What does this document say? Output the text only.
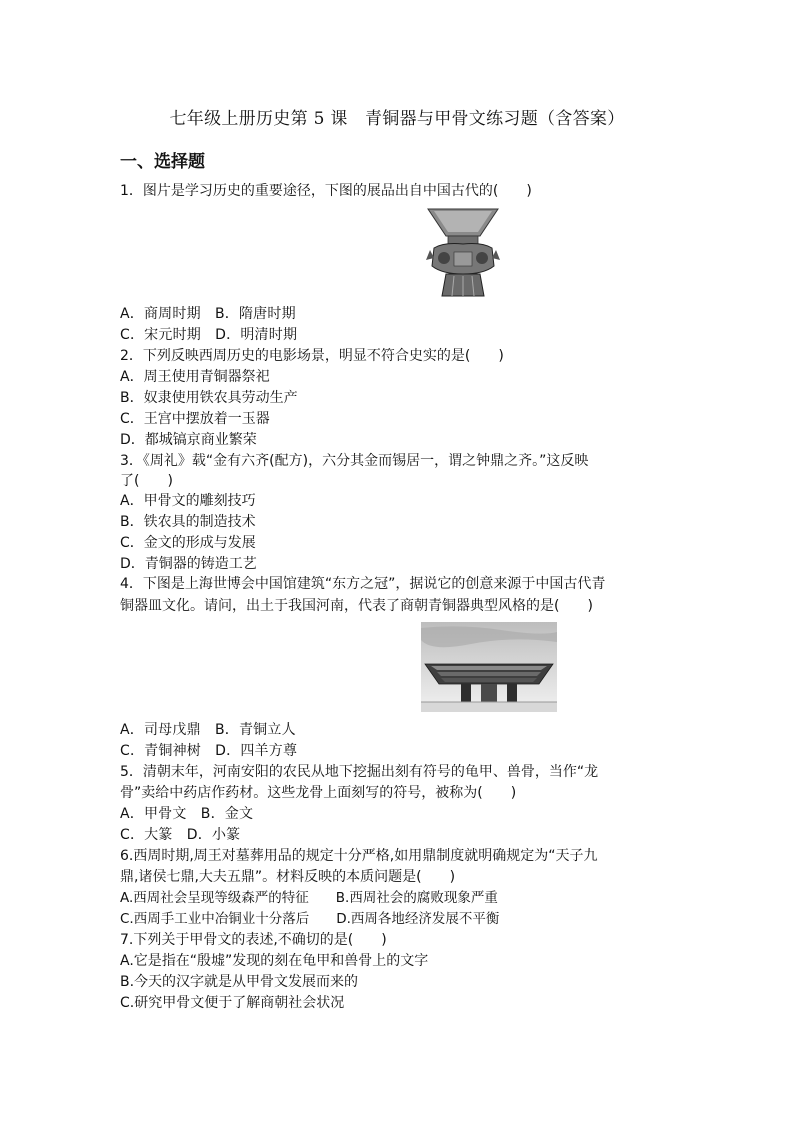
七年级上册历史第 5 课　青铜器与甲骨文练习题（含答案）
一、选择题
1．图片是学习历史的重要途径，下图的展品出自中国古代的(　　)
A．商周时期　B．隋唐时期
C．宋元时期　D．明清时期
2．下列反映西周历史的电影场景，明显不符合史实的是(　　)
A．周王使用青铜器祭祀
B．奴隶使用铁农具劳动生产
C．王宫中摆放着一玉器
D．都城镐京商业繁荣
3．《周礼》载“金有六齐(配方)，六分其金而锡居一，谓之钟鼎之齐。”这反映
了(　　)
A．甲骨文的雕刻技巧
B．铁农具的制造技术
C．金文的形成与发展
D．青铜器的铸造工艺
4．下图是上海世博会中国馆建筑“东方之冠”，据说它的创意来源于中国古代青
铜器皿文化。请问，出土于我国河南，代表了商朝青铜器典型风格的是(　　)
A．司母戊鼎　B．青铜立人
C．青铜神树　D．四羊方尊
5．清朝末年，河南安阳的农民从地下挖掘出刻有符号的龟甲、兽骨，当作“龙
骨”卖给中药店作药材。这些龙骨上面刻写的符号，被称为(　　)
A．甲骨文　B．金文
C．大篆　D．小篆
6.西周时期,周王对墓葬用品的规定十分严格,如用鼎制度就明确规定为“天子九
鼎,诸侯七鼎,大夫五鼎”。材料反映的本质问题是(　　)
A.西周社会呈现等级森严的特征　　B.西周社会的腐败现象严重
C.西周手工业中冶铜业十分落后　　D.西周各地经济发展不平衡
7.下列关于甲骨文的表述,不确切的是(　　)
A.它是指在“殷墟”发现的刻在龟甲和兽骨上的文字
B.今天的汉字就是从甲骨文发展而来的
C.研究甲骨文便于了解商朝社会状况
